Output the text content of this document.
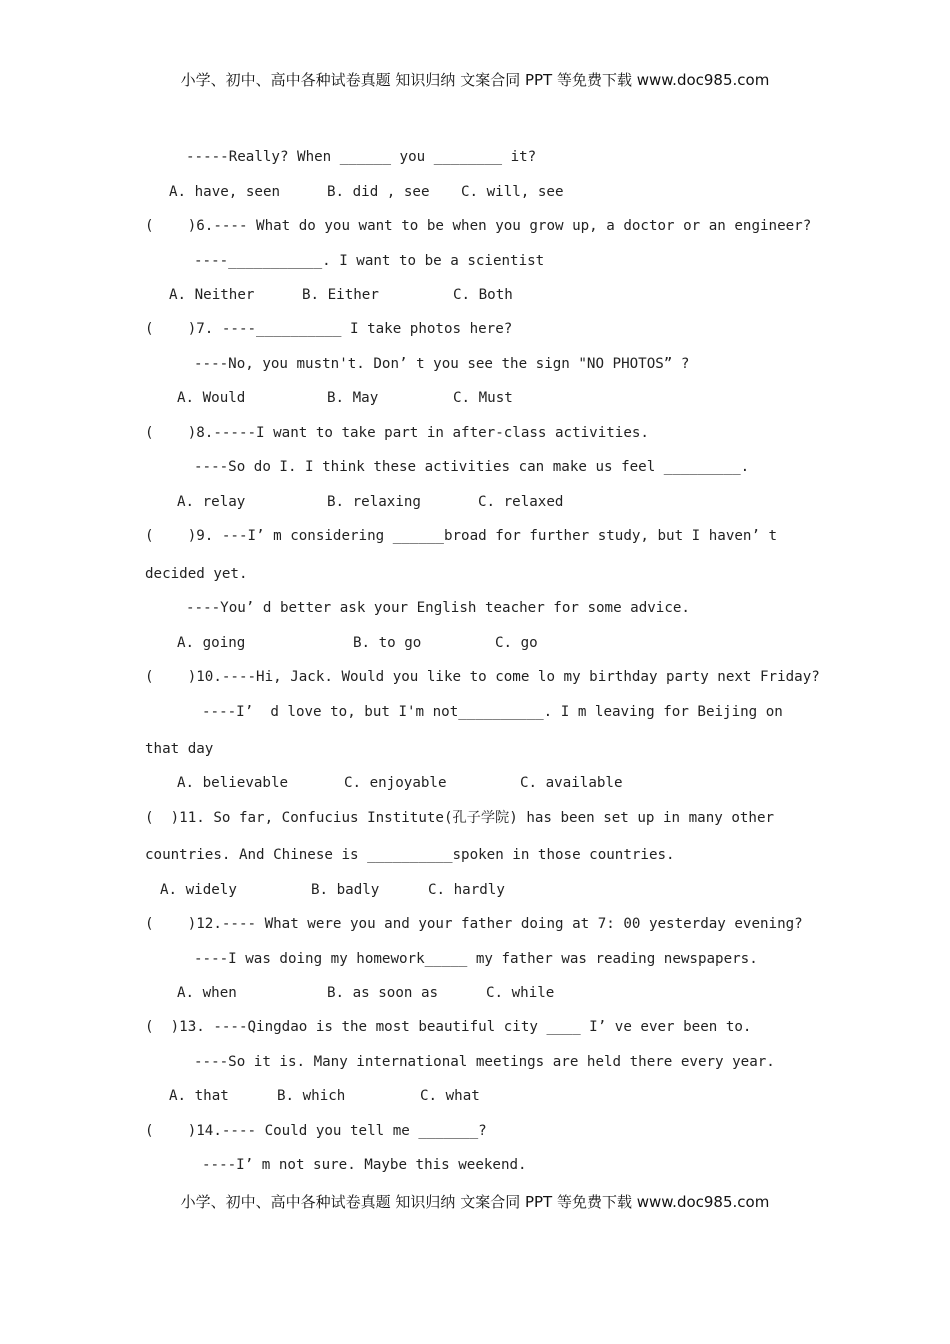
小学、初中、高中各种试卷真题 知识归纳 文案合同 PPT 等免费下载 www.doc985.com
-----Really? When ______ you ________ it?
A. have, seen	B. did , see C. will, see
(    )6.---- What do you want to be when you grow up, a doctor or an engineer?
----___________. I want to be a scientist
A. Neither	B. Either	C. Both
(    )7. ----__________ I take photos here?
----No, you mustn't. Don’ t you see the sign "NO PHOTOS” ?
A. Would	B. May	C. Must
(    )8.-----I want to take part in after-class activities.
----So do I. I think these activities can make us feel _________.
A. relay	B. relaxing	C. relaxed
(    )9. ---I’ m considering ______broad for further study, but I haven’ t
decided yet.
----You’ d better ask your English teacher for some advice.
A. going	B. to go	C. go
(    )10.----Hi, Jack. Would you like to come lo my birthday party next Friday?
----I’  d love to, but I'm not__________. I m leaving for Beijing on
that day
A. believable	C. enjoyable	C. available
(  )11. So far, Confucius Institute(孔子学院) has been set up in many other
countries. And Chinese is __________spoken in those countries.
A. widely	B. badly	C. hardly
(    )12.---- What were you and your father doing at 7: 00 yesterday evening?
----I was doing my homework_____ my father was reading newspapers.
A. when	B. as soon as	C. while
(  )13. ----Qingdao is the most beautiful city ____ I’ ve ever been to.
----So it is. Many international meetings are held there every year.
A. that	B. which	C. what
(    )14.---- Could you tell me _______?
----I’ m not sure. Maybe this weekend.
小学、初中、高中各种试卷真题 知识归纳 文案合同 PPT 等免费下载 www.doc985.com
